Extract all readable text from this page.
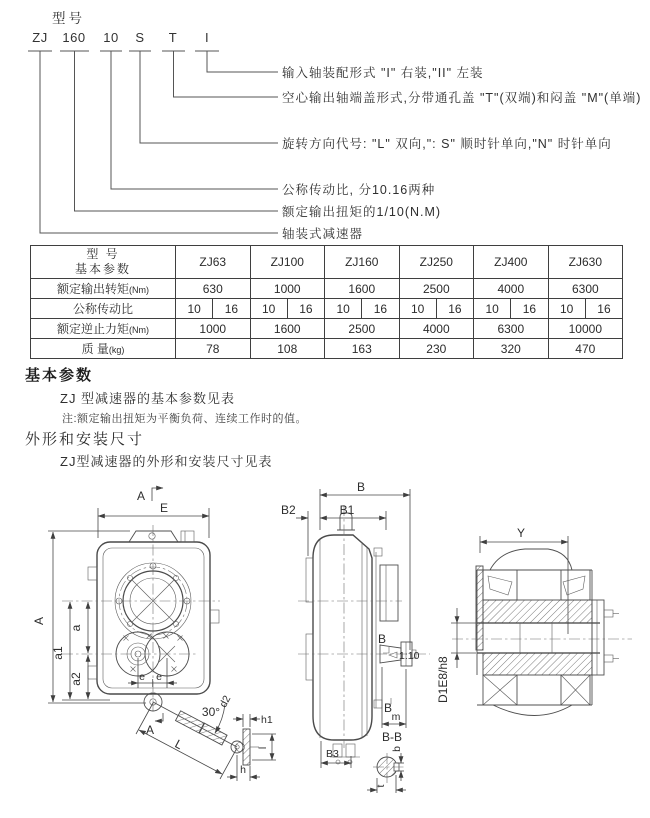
型号
ZJ 160 10 S T I
输入轴装配形式 "I" 右装,"II" 左装
空心输出轴端盖形式,分带通孔盖 "T"(双端)和闷盖 "M"(单端)
旋转方向代号: "L" 双向,": S" 顺时针单向,"N" 时针单向
公称传动比, 分10.16两种
额定输出扭矩的1/10(N.M)
轴装式减速器
型 号
基本参数	ZJ63		ZJ100		ZJ160		ZJ250		ZJ400		ZJ630	
额定输出转矩(Nm)	630		1000		1600		2500		4000		6300	
公称传动比	10	16	10	16	10	16	10	16	10	16	10	16
额定逆止力矩(Nm)	1000		1600		2500		4000		6300		10000	
质 量(kg)	78		108		163		230		320		470	
基本参数
ZJ 型减速器的基本参数见表
注:额定输出扭矩为平衡负荷、连续工作时的值。
外形和安装尺寸
ZJ型减速器的外形和安装尺寸见表
A
E
A
a
a1
a2	e e
30°
d2
A
L
h1
l
h
1:10
B
B
B
B1
B2
m
B3
B-B
b
t
Y
D1E8/h8
